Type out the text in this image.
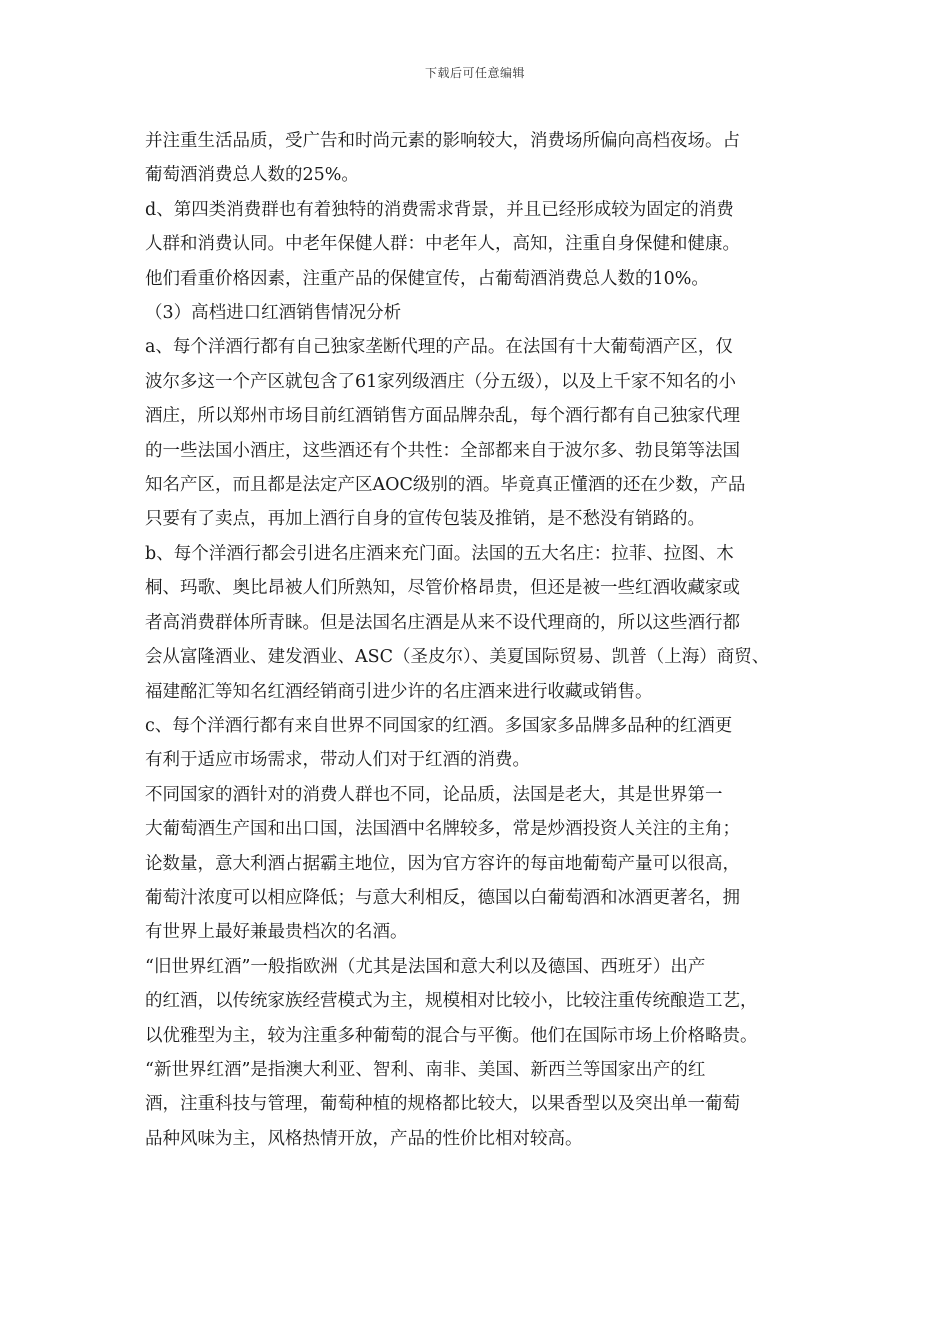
下载后可任意编辑

并注重生活品质，受广告和时尚元素的影响较大，消费场所偏向高档夜场。占

葡萄酒消费总人数的25%。

d、第四类消费群也有着独特的消费需求背景，并且已经形成较为固定的消费

人群和消费认同。中老年保健人群：中老年人，高知，注重自身保健和健康。

他们看重价格因素，注重产品的保健宣传，占葡萄酒消费总人数的10%。

（3）高档进口红酒销售情况分析

a、每个洋酒行都有自己独家垄断代理的产品。在法国有十大葡萄酒产区，仅

波尔多这一个产区就包含了61家列级酒庄（分五级），以及上千家不知名的小

酒庄，所以郑州市场目前红酒销售方面品牌杂乱，每个酒行都有自己独家代理

的一些法国小酒庄，这些酒还有个共性：全部都来自于波尔多、勃艮第等法国

知名产区，而且都是法定产区AOC级别的酒。毕竟真正懂酒的还在少数，产品

只要有了卖点，再加上酒行自身的宣传包装及推销，是不愁没有销路的。

b、每个洋酒行都会引进名庄酒来充门面。法国的五大名庄：拉菲、拉图、木

桐、玛歌、奥比昂被人们所熟知，尽管价格昂贵，但还是被一些红酒收藏家或

者高消费群体所青睐。但是法国名庄酒是从来不设代理商的，所以这些酒行都

会从富隆酒业、建发酒业、ASC（圣皮尔）、美夏国际贸易、凯普（上海）商贸、

福建酩汇等知名红酒经销商引进少许的名庄酒来进行收藏或销售。

c、每个洋酒行都有来自世界不同国家的红酒。多国家多品牌多品种的红酒更

有利于适应市场需求，带动人们对于红酒的消费。

不同国家的酒针对的消费人群也不同，论品质，法国是老大，其是世界第一

大葡萄酒生产国和出口国，法国酒中名牌较多，常是炒酒投资人关注的主角；

论数量，意大利酒占据霸主地位，因为官方容许的每亩地葡萄产量可以很高，

葡萄汁浓度可以相应降低；与意大利相反，德国以白葡萄酒和冰酒更著名，拥

有世界上最好兼最贵档次的名酒。

“旧世界红酒”一般指欧洲（尤其是法国和意大利以及德国、西班牙）出产

的红酒，以传统家族经营模式为主，规模相对比较小，比较注重传统酿造工艺，

以优雅型为主，较为注重多种葡萄的混合与平衡。他们在国际市场上价格略贵。

“新世界红酒”是指澳大利亚、智利、南非、美国、新西兰等国家出产的红

酒，注重科技与管理，葡萄种植的规格都比较大，以果香型以及突出单一葡萄

品种风味为主，风格热情开放，产品的性价比相对较高。
